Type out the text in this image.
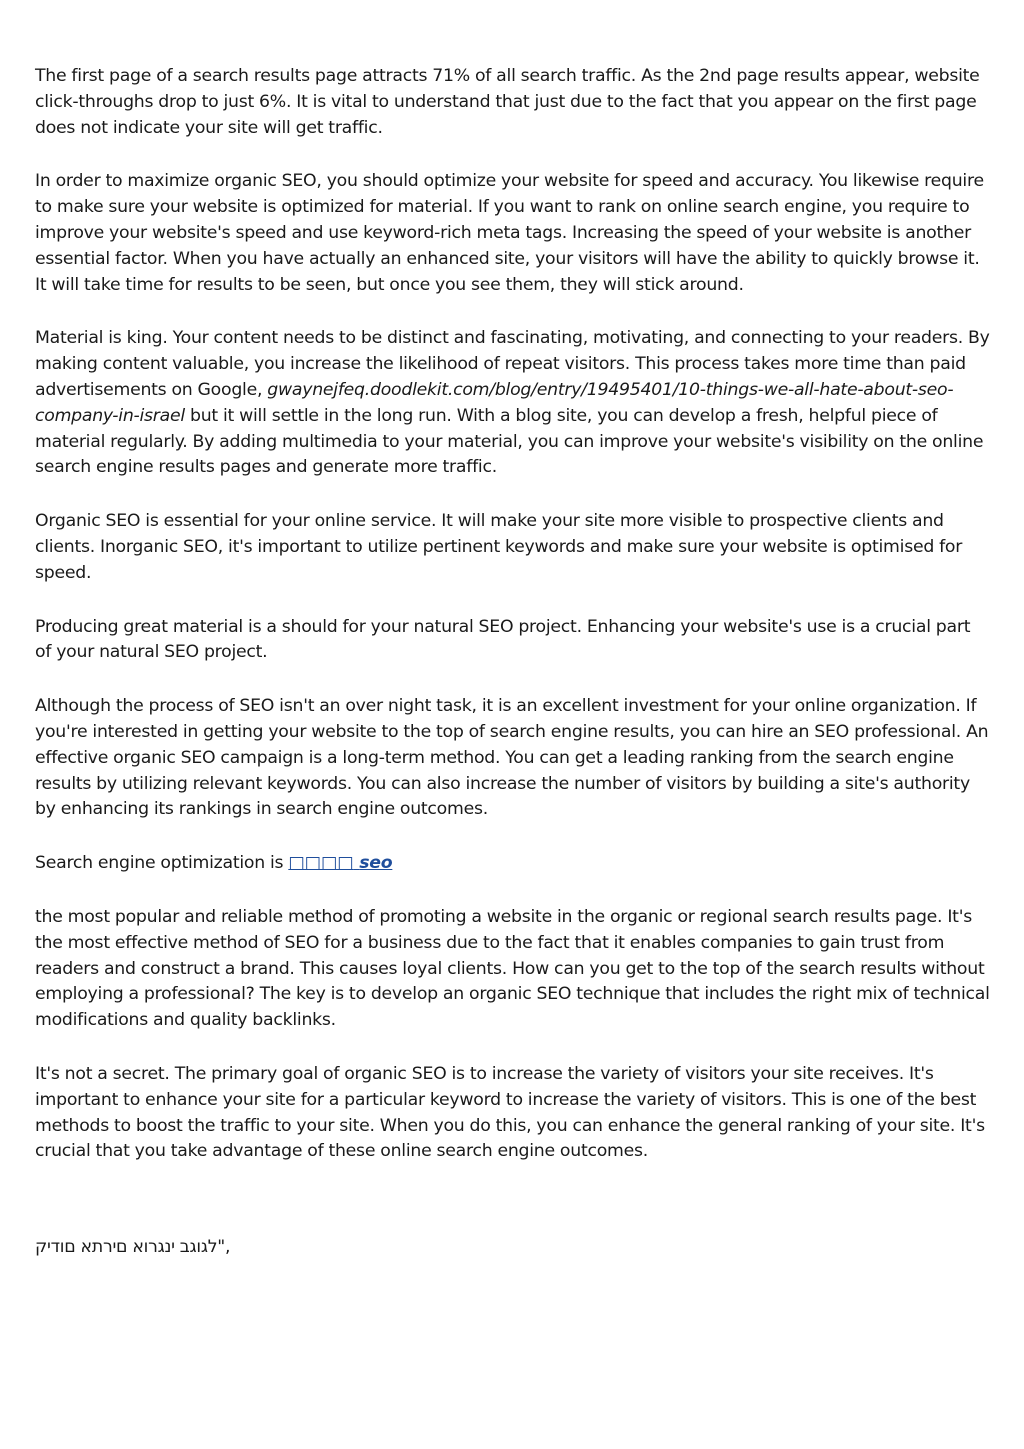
The first page of a search results page attracts 71% of all search traffic. As the 2nd page results appear, website click-throughs drop to just 6%. It is vital to understand that just due to the fact that you appear on the first page does not indicate your site will get traffic.

In order to maximize organic SEO, you should optimize your website for speed and accuracy. You likewise require to make sure your website is optimized for material. If you want to rank on online search engine, you require to improve your website's speed and use keyword-rich meta tags. Increasing the speed of your website is another essential factor. When you have actually an enhanced site, your visitors will have the ability to quickly browse it. It will take time for results to be seen, but once you see them, they will stick around.

Material is king. Your content needs to be distinct and fascinating, motivating, and connecting to your readers. By making content valuable, you increase the likelihood of repeat visitors. This process takes more time than paid advertisements on Google, gwaynejfeq.doodlekit.com/blog/entry/19495401/10-things-we-all-hate-about-seo-company-in-israel but it will settle in the long run. With a blog site, you can develop a fresh, helpful piece of material regularly. By adding multimedia to your material, you can improve your website's visibility on the online search engine results pages and generate more traffic.

Organic SEO is essential for your online service. It will make your site more visible to prospective clients and clients. Inorganic SEO, it's important to utilize pertinent keywords and make sure your website is optimised for speed.

Producing great material is a should for your natural SEO project. Enhancing your website's use is a crucial part of your natural SEO project.

Although the process of SEO isn't an over night task, it is an excellent investment for your online organization. If you're interested in getting your website to the top of search engine results, you can hire an SEO professional. An effective organic SEO campaign is a long-term method. You can get a leading ranking from the search engine results by utilizing relevant keywords. You can also increase the number of visitors by building a site's authority by enhancing its rankings in search engine outcomes.

Search engine optimization is □□□□ seo

the most popular and reliable method of promoting a website in the organic or regional search results page. It's the most effective method of SEO for a business due to the fact that it enables companies to gain trust from readers and construct a brand. This causes loyal clients. How can you get to the top of the search results without employing a professional? The key is to develop an organic SEO technique that includes the right mix of technical modifications and quality backlinks.

It's not a secret. The primary goal of organic SEO is to increase the variety of visitors your site receives. It's important to enhance your site for a particular keyword to increase the variety of visitors. This is one of the best methods to boost the traffic to your site. When you do this, you can enhance the general ranking of your site. It's crucial that you take advantage of these online search engine outcomes.

לגוגב ינגרוא םירתא םודיק",
